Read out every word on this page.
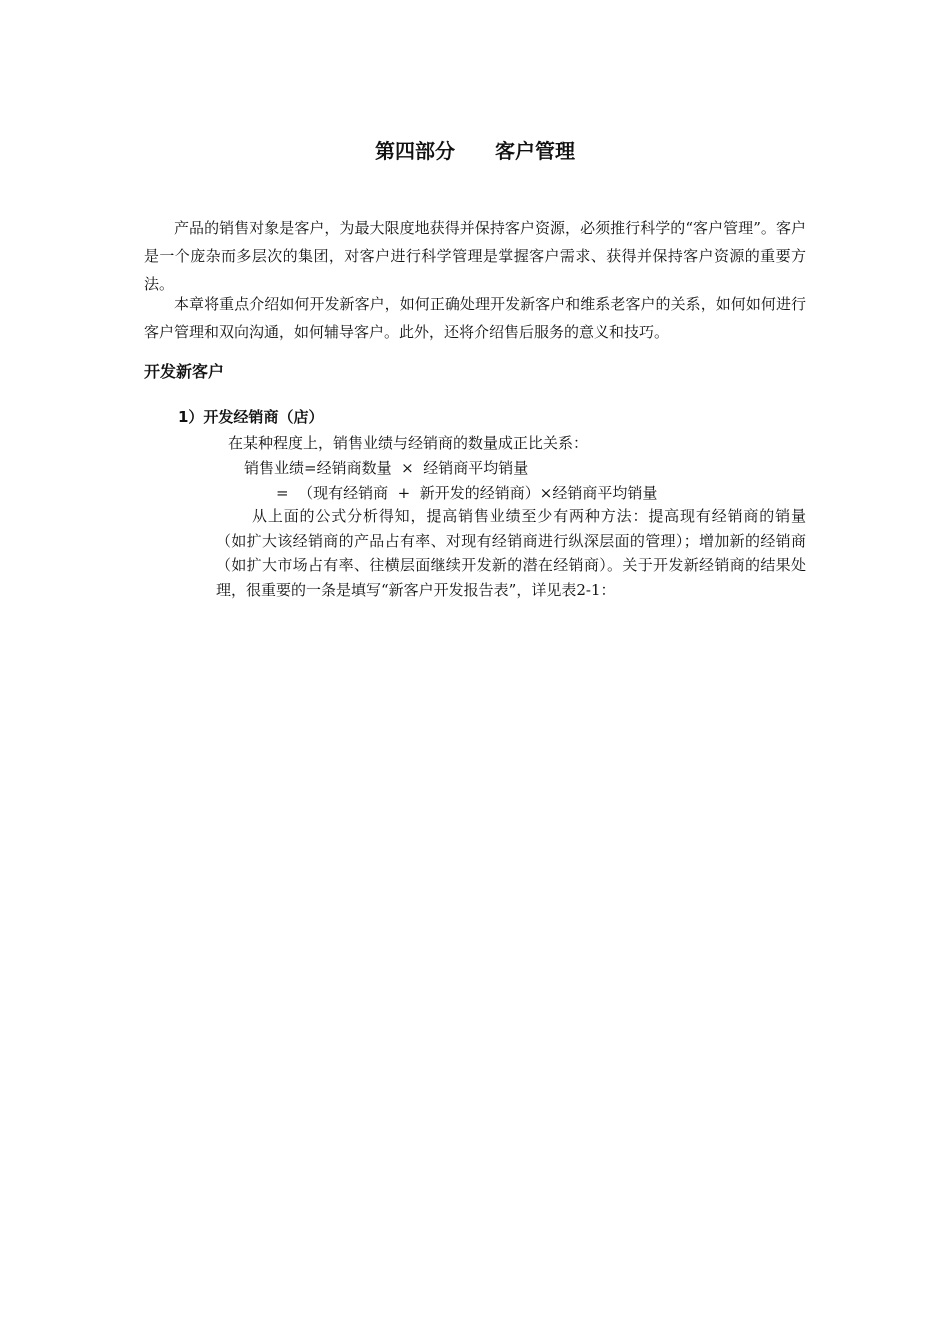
第四部分　　客户管理

产品的销售对象是客户，为最大限度地获得并保持客户资源，必须推行科学的“客户管理”。客户是一个庞杂而多层次的集团，对客户进行科学管理是掌握客户需求、获得并保持客户资源的重要方法。

本章将重点介绍如何开发新客户，如何正确处理开发新客户和维系老客户的关系，如何如何进行客户管理和双向沟通，如何辅导客户。此外，还将介绍售后服务的意义和技巧。

开发新客户
1）开发经销商（店）
在某种程度上，销售业绩与经销商的数量成正比关系：
销售业绩=经销商数量  ×  经销商平均销量
=  （现有经销商  +  新开发的经销商）×经销商平均销量

从上面的公式分析得知，提高销售业绩至少有两种方法：提高现有经销商的销量（如扩大该经销商的产品占有率、对现有经销商进行纵深层面的管理）；增加新的经销商（如扩大市场占有率、往横层面继续开发新的潜在经销商）。关于开发新经销商的结果处理，很重要的一条是填写“新客户开发报告表”，详见表2-1：
